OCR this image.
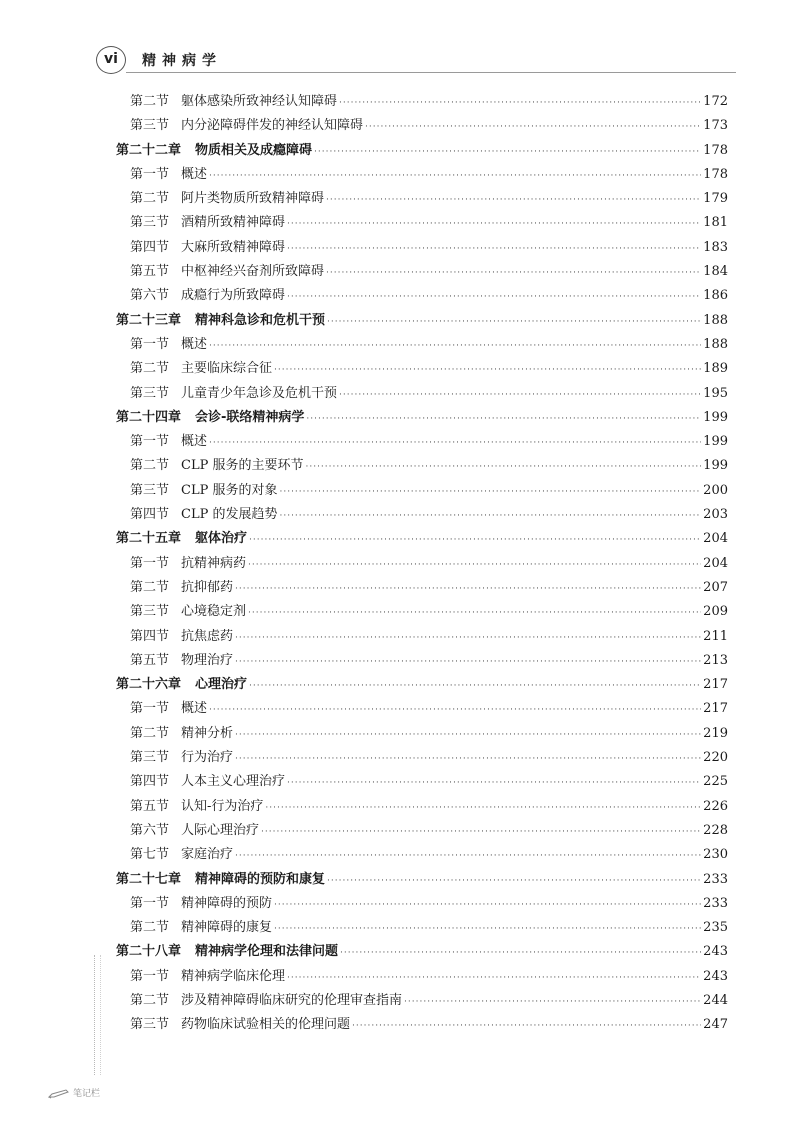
vi	精神病学
第二节 躯体感染所致神经认知障碍 ·····	172
第三节 内分泌障碍伴发的神经认知障碍 ·····	173
第二十二章 物质相关及成瘾障碍 ·····	178
第一节 概述 ·····	178
第二节 阿片类物质所致精神障碍 ·····	179
第三节 酒精所致精神障碍 ·····	181
第四节 大麻所致精神障碍 ·····	183
第五节 中枢神经兴奋剂所致障碍 ·····	184
第六节 成瘾行为所致障碍 ·····	186
第二十三章 精神科急诊和危机干预 ·····	188
第一节 概述 ·····	188
第二节 主要临床综合征 ·····	189
第三节 儿童青少年急诊及危机干预 ·····	195
第二十四章 会诊-联络精神病学 ·····	199
第一节 概述 ·····	199
第二节 CLP 服务的主要环节 ·····	199
第三节 CLP 服务的对象 ·····	200
第四节 CLP 的发展趋势 ·····	203
第二十五章 躯体治疗 ·····	204
第一节 抗精神病药 ·····	204
第二节 抗抑郁药 ·····	207
第三节 心境稳定剂 ·····	209
第四节 抗焦虑药 ·····	211
第五节 物理治疗 ·····	213
第二十六章 心理治疗 ·····	217
第一节 概述 ·····	217
第二节 精神分析 ·····	219
第三节 行为治疗 ·····	220
第四节 人本主义心理治疗 ·····	225
第五节 认知-行为治疗 ·····	226
第六节 人际心理治疗 ·····	228
第七节 家庭治疗 ·····	230
第二十七章 精神障碍的预防和康复 ·····	233
第一节 精神障碍的预防 ·····	233
第二节 精神障碍的康复 ·····	235
第二十八章 精神病学伦理和法律问题 ·····	243
第一节 精神病学临床伦理 ·····	243
第二节 涉及精神障碍临床研究的伦理审查指南 ·····	244
第三节 药物临床试验相关的伦理问题 ·····	247
笔记栏
